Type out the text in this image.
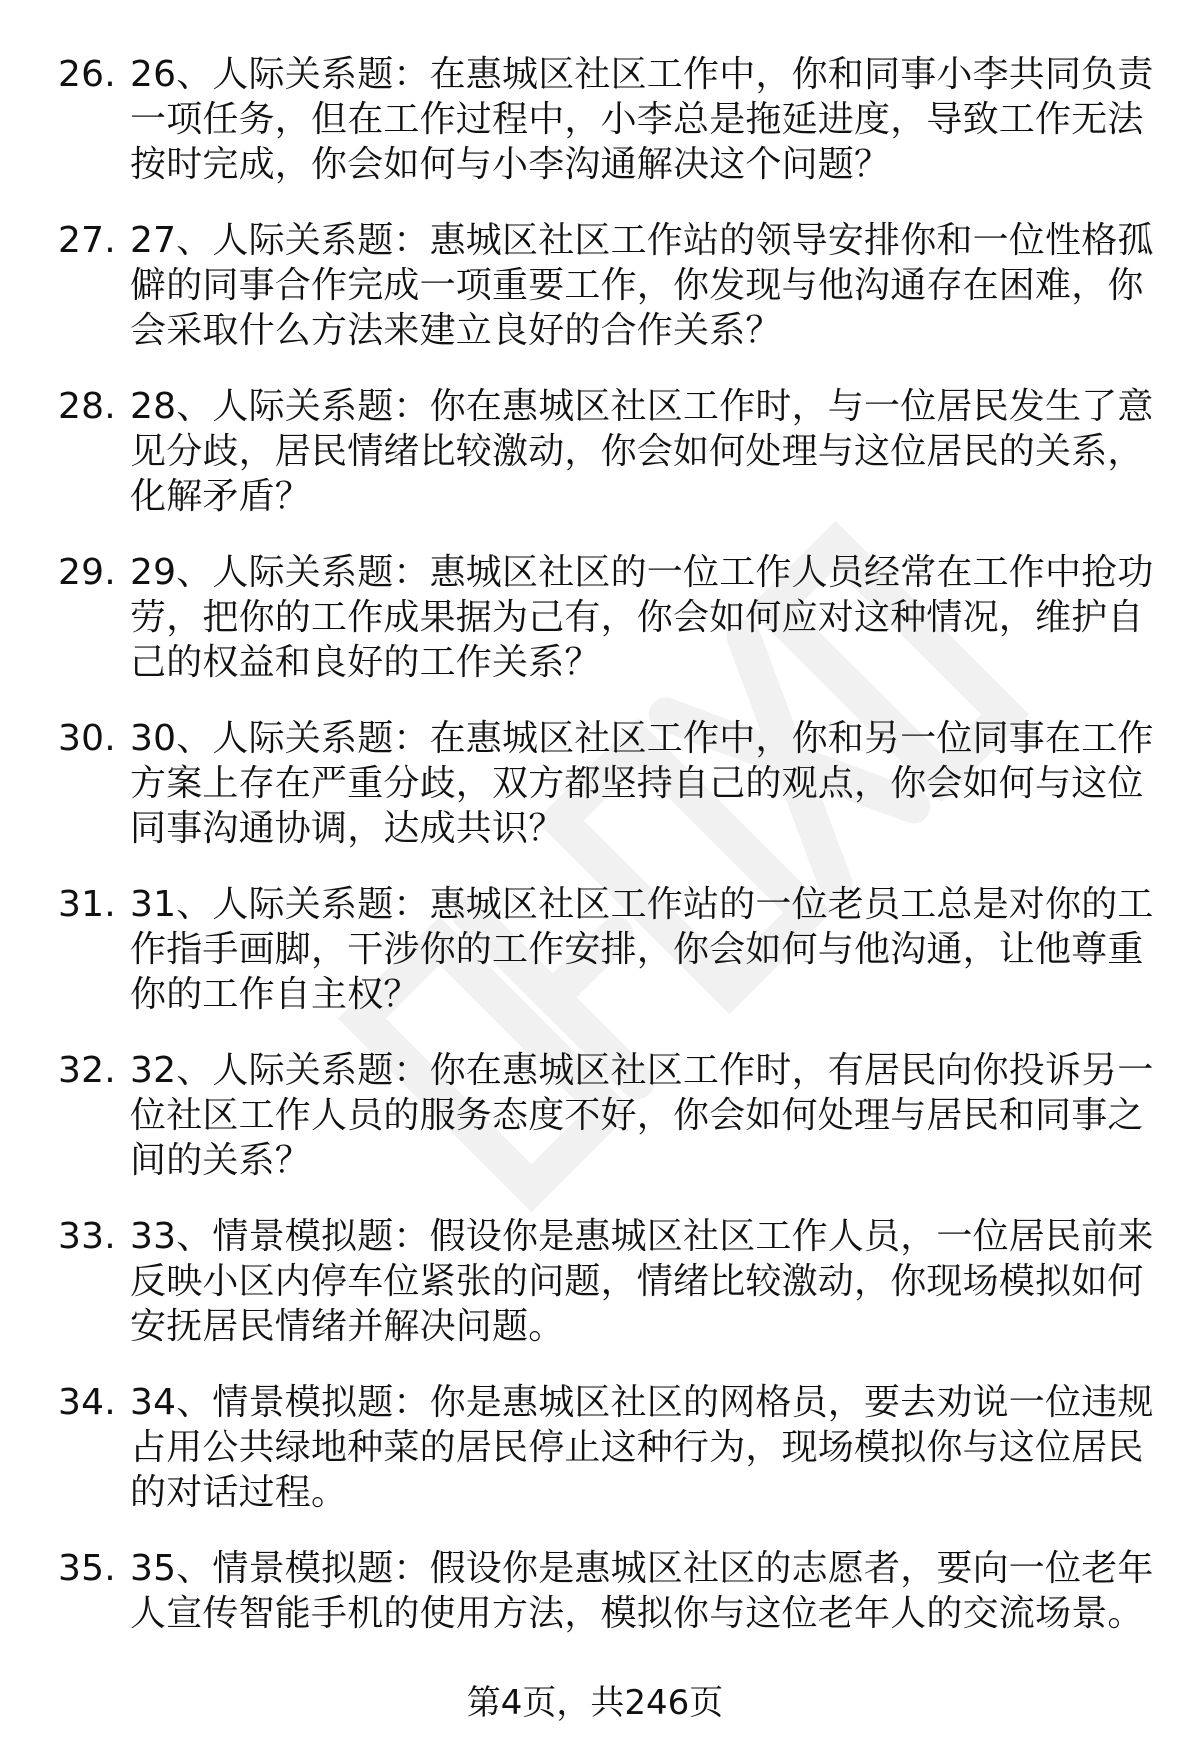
26. 26、人际关系题：在惠城区社区工作中，你和同事小李共同负责一项任务，但在工作过程中，小李总是拖延进度，导致工作无法按时完成，你会如何与小李沟通解决这个问题？
27. 27、人际关系题：惠城区社区工作站的领导安排你和一位性格孤僻的同事合作完成一项重要工作，你发现与他沟通存在困难，你会采取什么方法来建立良好的合作关系？
28. 28、人际关系题：你在惠城区社区工作时，与一位居民发生了意见分歧，居民情绪比较激动，你会如何处理与这位居民的关系，化解矛盾？
29. 29、人际关系题：惠城区社区的一位工作人员经常在工作中抢功劳，把你的工作成果据为己有，你会如何应对这种情况，维护自己的权益和良好的工作关系？
30. 30、人际关系题：在惠城区社区工作中，你和另一位同事在工作方案上存在严重分歧，双方都坚持自己的观点，你会如何与这位同事沟通协调，达成共识？
31. 31、人际关系题：惠城区社区工作站的一位老员工总是对你的工作指手画脚，干涉你的工作安排，你会如何与他沟通，让他尊重你的工作自主权？
32. 32、人际关系题：你在惠城区社区工作时，有居民向你投诉另一位社区工作人员的服务态度不好，你会如何处理与居民和同事之间的关系？
33. 33、情景模拟题：假设你是惠城区社区工作人员，一位居民前来反映小区内停车位紧张的问题，情绪比较激动，你现场模拟如何安抚居民情绪并解决问题。
34. 34、情景模拟题：你是惠城区社区的网格员，要去劝说一位违规占用公共绿地种菜的居民停止这种行为，现场模拟你与这位居民的对话过程。
35. 35、情景模拟题：假设你是惠城区社区的志愿者，要向一位老年人宣传智能手机的使用方法，模拟你与这位老年人的交流场景。
第4页，共246页
